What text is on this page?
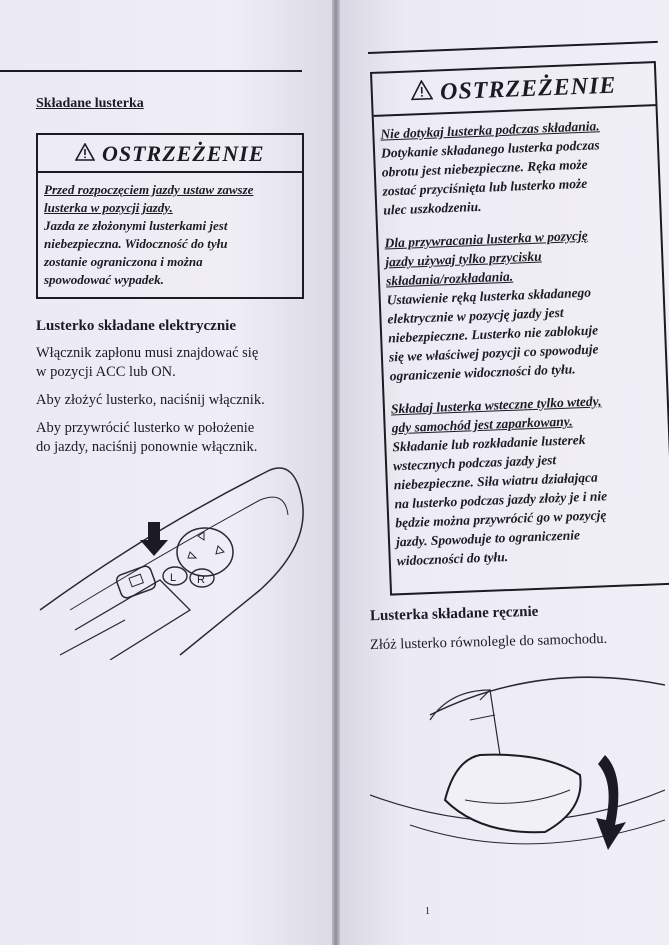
Składane lusterka
OSTRZEŻENIE

Przed rozpoczęciem jazdy ustaw zawsze

lusterka w pozycji jazdy.

Jazda ze złożonymi lusterkami jest

niebezpieczna. Widoczność do tyłu

zostanie ograniczona i można

spowodować wypadek.

Lusterko składane elektrycznie
Włącznik zapłonu musi znajdować się
w pozycji ACC lub ON.
Aby złożyć lusterko, naciśnij włącznik.
Aby przywrócić lusterko w położenie
do jazdy, naciśnij ponownie włącznik.
L R
OSTRZEŻENIE

Nie dotykaj lusterka podczas składania.
Dotykanie składanego lusterka podczas
obrotu jest niebezpieczne. Ręka może
zostać przyciśnięta lub lusterko może
ulec uszkodzeniu.

Dla przywracania lusterka w pozycję
jazdy używaj tylko przycisku
składania/rozkładania.
Ustawienie ręką lusterka składanego
elektrycznie w pozycję jazdy jest
niebezpieczne. Lusterko nie zablokuje
się we właściwej pozycji co spowoduje
ograniczenie widoczności do tyłu.

Składaj lusterka wsteczne tylko wtedy,
gdy samochód jest zaparkowany.
Składanie lub rozkładanie lusterek
wstecznych podczas jazdy jest
niebezpieczne. Siła wiatru działająca
na lusterko podczas jazdy złoży je i nie
będzie można przywrócić go w pozycję
jazdy. Spowoduje to ograniczenie
widoczności do tyłu.

Lusterka składane ręcznie
Złóż lusterko równolegle do samochodu.
1
